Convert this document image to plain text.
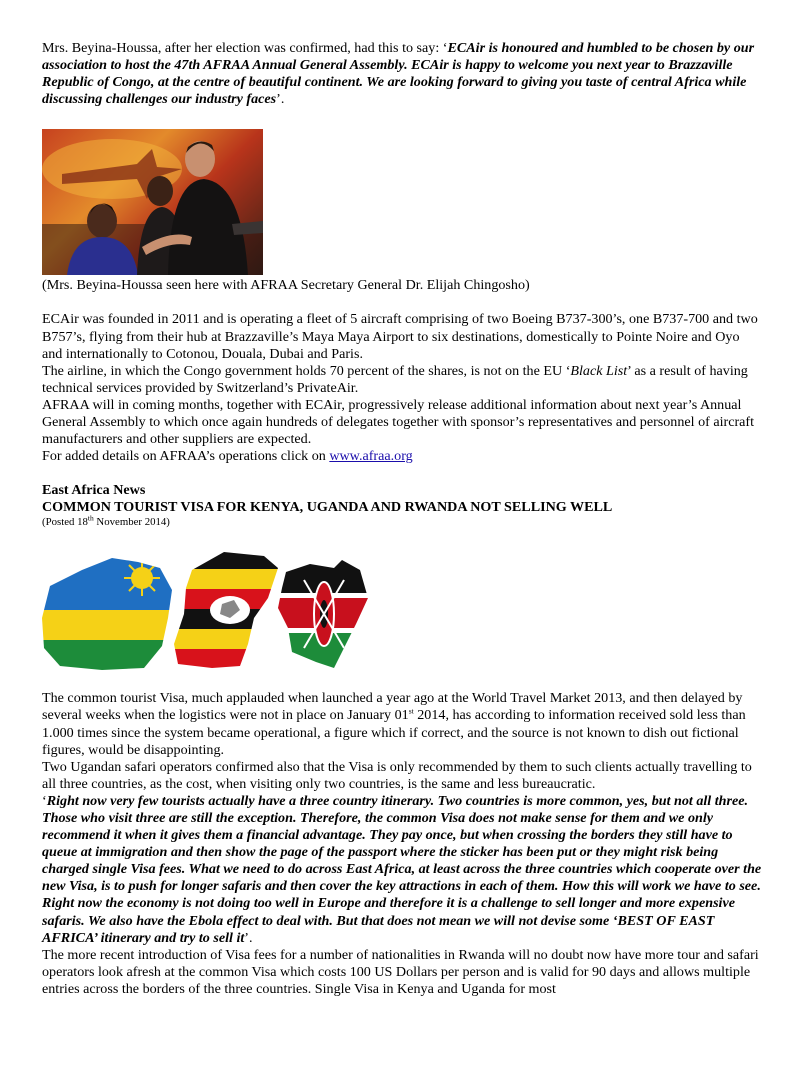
Mrs. Beyina-Houssa, after her election was confirmed, had this to say: ‘ECAir is honoured and humbled to be chosen by our association to host the 47th AFRAA Annual General Assembly. ECAir is happy to welcome you next year to Brazzaville Republic of Congo, at the centre of beautiful continent. We are looking forward to giving you taste of central Africa while discussing challenges our industry faces’.

(Mrs. Beyina-Houssa seen here with AFRAA Secretary General Dr. Elijah Chingosho)

ECAir was founded in 2011 and is operating a fleet of 5 aircraft comprising of two Boeing B737-300’s, one B737-700 and two B757’s, flying from their hub at Brazzaville’s Maya Maya Airport to six destinations, domestically to Pointe Noire and Oyo and internationally to Cotonou, Douala, Dubai and Paris.

The airline, in which the Congo government holds 70 percent of the shares, is not on the EU ‘Black List’ as a result of having technical services provided by Switzerland’s PrivateAir.

AFRAA will in coming months, together with ECAir, progressively release additional information about next year’s Annual General Assembly to which once again hundreds of delegates together with sponsor’s representatives and personnel of aircraft manufacturers and other suppliers are expected.

For added details on AFRAA’s operations click on www.afraa.org

East Africa News

COMMON TOURIST VISA FOR KENYA, UGANDA AND RWANDA NOT SELLING WELL

(Posted 18th November 2014)

The common tourist Visa, much applauded when launched a year ago at the World Travel Market 2013, and then delayed by several weeks when the logistics were not in place on January 01st 2014, has according to information received sold less than 1.000 times since the system became operational, a figure which if correct, and the source is not known to dish out fictional figures, would be disappointing.

Two Ugandan safari operators confirmed also that the Visa is only recommended by them to such clients actually travelling to all three countries, as the cost, when visiting only two countries, is the same and less bureaucratic.

‘Right now very few tourists actually have a three country itinerary. Two countries is more common, yes, but not all three. Those who visit three are still the exception. Therefore, the common Visa does not make sense for them and we only recommend it when it gives them a financial advantage. They pay once, but when crossing the borders they still have to queue at immigration and then show the page of the passport where the sticker has been put or they might risk being charged single Visa fees. What we need to do across East Africa, at least across the three countries which cooperate over the new Visa, is to push for longer safaris and then cover the key attractions in each of them. How this will work we have to see. Right now the economy is not doing too well in Europe and therefore it is a challenge to sell longer and more expensive safaris. We also have the Ebola effect to deal with. But that does not mean we will not devise some ‘BEST OF EAST AFRICA’ itinerary and try to sell it’.

The more recent introduction of Visa fees for a number of nationalities in Rwanda will no doubt now have more tour and safari operators look afresh at the common Visa which costs 100 US Dollars per person and is valid for 90 days and allows multiple entries across the borders of the three countries. Single Visa in Kenya and Uganda for most
